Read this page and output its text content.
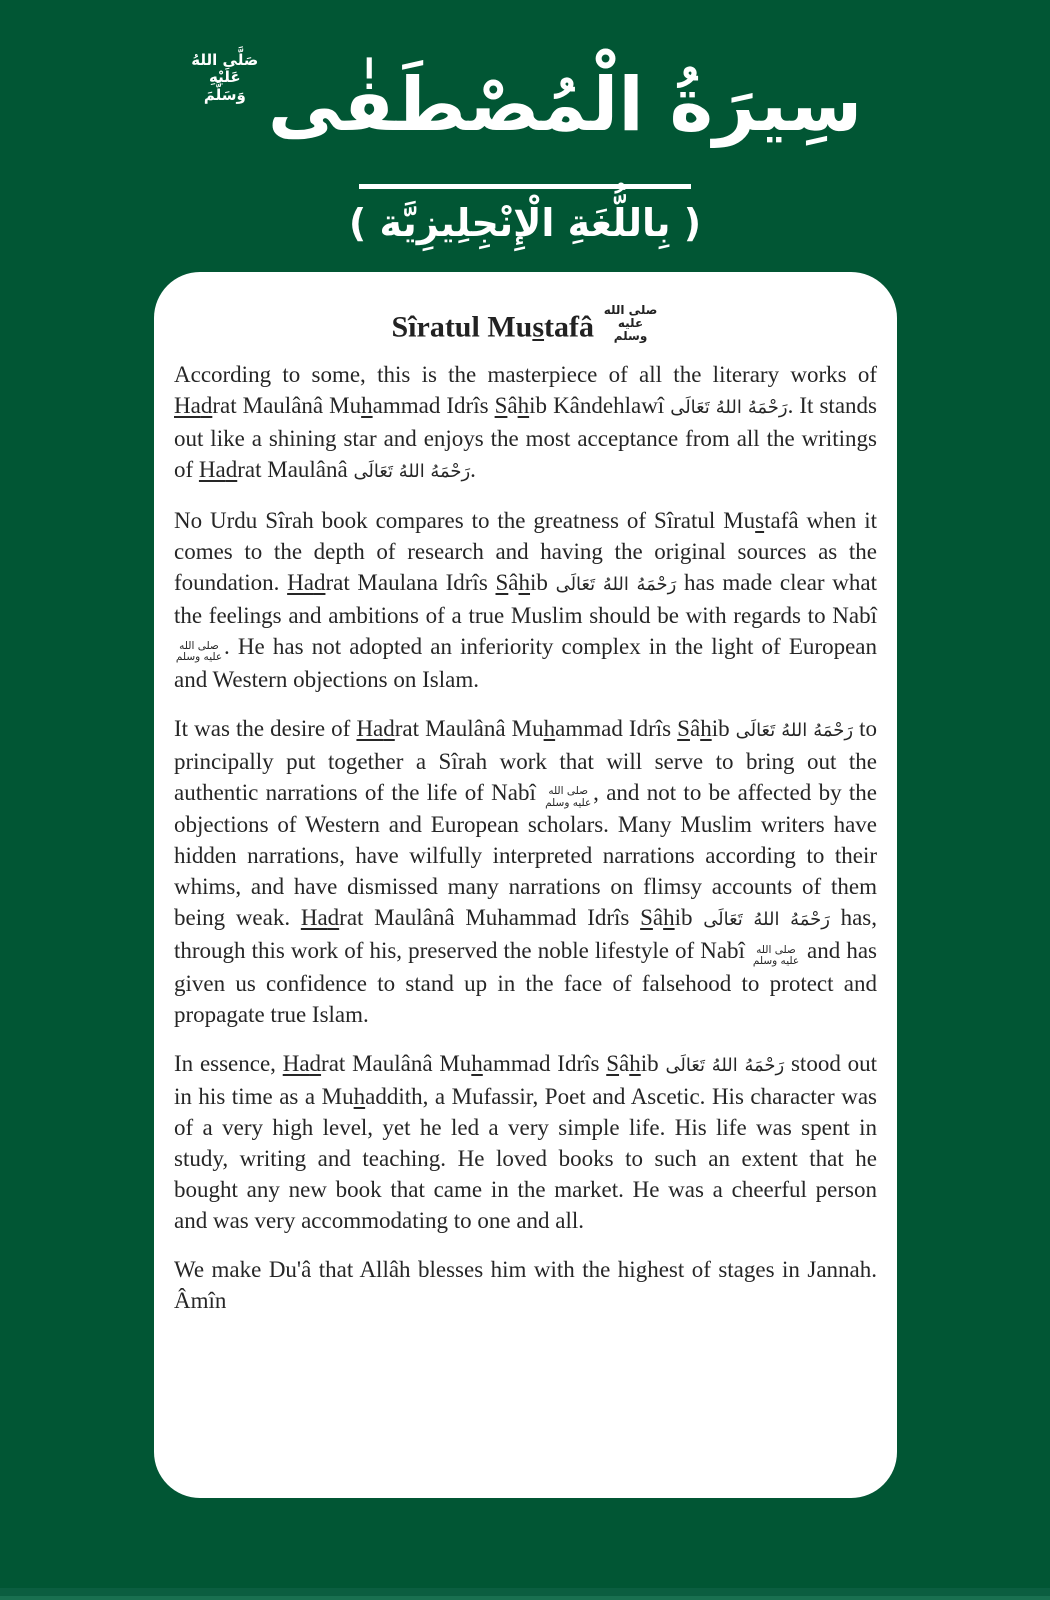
صَلَّى اللهُ عَلَيْهِ وَسَلَّمَ سِيرَةُ الْمُصْطَفٰى
( بِاللُّغَةِ الْإِنْجِلِيزِيَّة )
Sîratul Mustafâ صلى الله عليه وسلم

According to some, this is the masterpiece of all the literary works of Hadrat Maulânâ Muhammad Idrîs Sâhib Kândehlawî رَحْمَهُ اللهُ تَعَالَى. It stands out like a shining star and enjoys the most acceptance from all the writings of Hadrat Maulânâ رَحْمَهُ اللهُ تَعَالَى.

No Urdu Sîrah book compares to the greatness of Sîratul Mustafâ when it comes to the depth of research and having the original sources as the foundation. Hadrat Maulana Idrîs Sâhib رَحْمَهُ اللهُ تَعَالَى has made clear what the feelings and ambitions of a true Muslim should be with regards to Nabî صلى الله عليه وسلم. He has not adopted an inferiority complex in the light of European and Western objections on Islam.

It was the desire of Hadrat Maulânâ Muhammad Idrîs Sâhib رَحْمَهُ اللهُ تَعَالَى to principally put together a Sîrah work that will serve to bring out the authentic narrations of the life of Nabî صلى الله عليه وسلم, and not to be affected by the objections of Western and European scholars. Many Muslim writers have hidden narrations, have wilfully interpreted narrations according to their whims, and have dismissed many narrations on flimsy accounts of them being weak. Hadrat Maulânâ Muhammad Idrîs Sâhib رَحْمَهُ اللهُ تَعَالَى has, through this work of his, preserved the noble lifestyle of Nabî صلى الله عليه وسلم and has given us confidence to stand up in the face of falsehood to protect and propagate true Islam.

In essence, Hadrat Maulânâ Muhammad Idrîs Sâhib رَحْمَهُ اللهُ تَعَالَى stood out in his time as a Muhaddith, a Mufassir, Poet and Ascetic. His character was of a very high level, yet he led a very simple life. His life was spent in study, writing and teaching. He loved books to such an extent that he bought any new book that came in the market. He was a cheerful person and was very accommodating to one and all.

We make Du'â that Allâh blesses him with the highest of stages in Jannah. Âmîn
